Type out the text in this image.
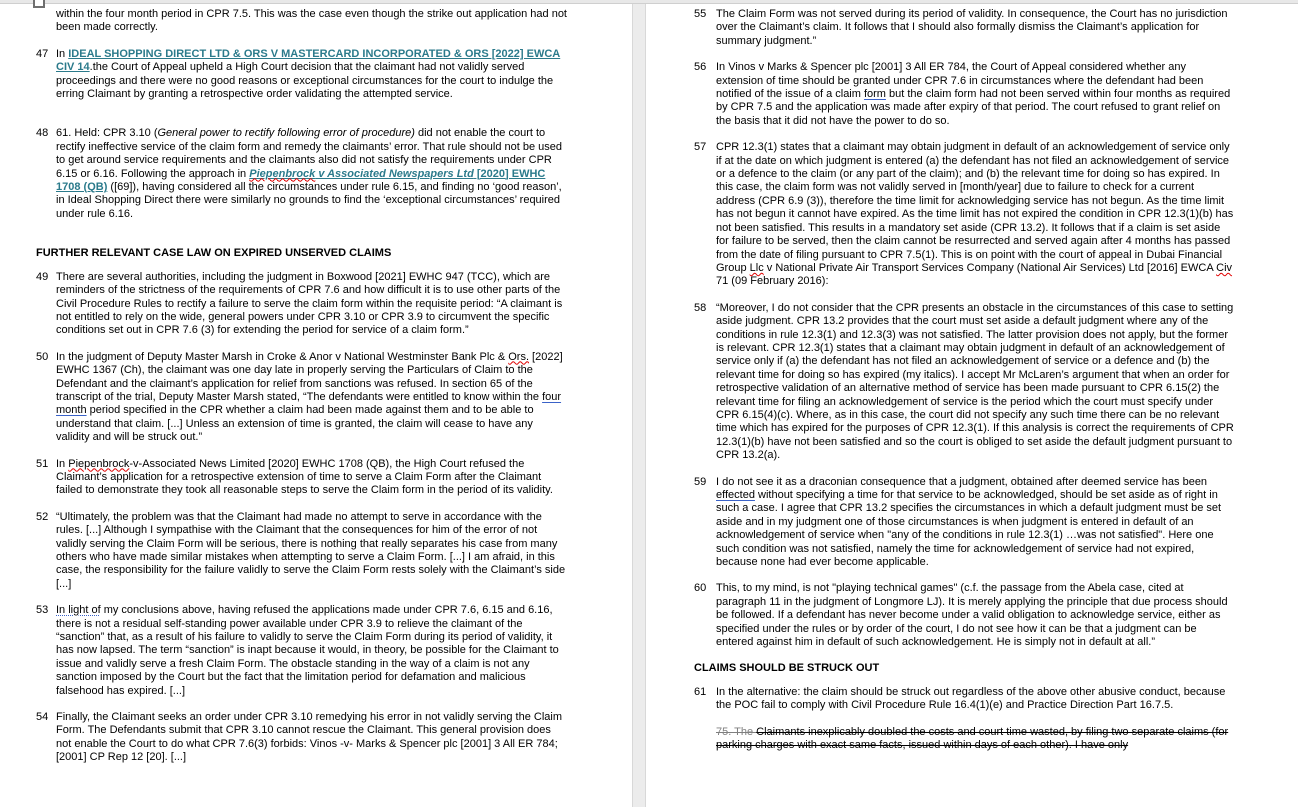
within the four month period in CPR 7.5. This was the case even though the strike out application had not been made correctly.
47 In IDEAL SHOPPING DIRECT LTD & ORS V MASTERCARD INCORPORATED & ORS [2022] EWCA CIV 14.the Court of Appeal upheld a High Court decision that the claimant had not validly served proceedings and there were no good reasons or exceptional circumstances for the court to indulge the erring Claimant by granting a retrospective order validating the attempted service.
48 61. Held: CPR 3.10 (General power to rectify following error of procedure) did not enable the court to rectify ineffective service of the claim form and remedy the claimants’ error. That rule should not be used to get around service requirements and the claimants also did not satisfy the requirements under CPR 6.15 or 6.16. Following the approach in Piepenbrock v Associated Newspapers Ltd [2020] EWHC 1708 (QB) ([69]), having considered all the circumstances under rule 6.15, and finding no ‘good reason’, in Ideal Shopping Direct there were similarly no grounds to find the ‘exceptional circumstances’ required under rule 6.16.
FURTHER RELEVANT CASE LAW ON EXPIRED UNSERVED CLAIMS
49 There are several authorities, including the judgment in Boxwood [2021] EWHC 947 (TCC), which are reminders of the strictness of the requirements of CPR 7.6 and how difficult it is to use other parts of the Civil Procedure Rules to rectify a failure to serve the claim form within the requisite period: “A claimant is not entitled to rely on the wide, general powers under CPR 3.10 or CPR 3.9 to circumvent the specific conditions set out in CPR 7.6 (3) for extending the period for service of a claim form.”
50 In the judgment of Deputy Master Marsh in Croke & Anor v National Westminster Bank Plc & Ors. [2022] EWHC 1367 (Ch), the claimant was one day late in properly serving the Particulars of Claim to the Defendant and the claimant’s application for relief from sanctions was refused. In section 65 of the transcript of the trial, Deputy Master Marsh stated, “The defendants were entitled to know within the four month period specified in the CPR whether a claim had been made against them and to be able to understand that claim. [...] Unless an extension of time is granted, the claim will cease to have any validity and will be struck out.”
51 In Piepenbrock-v-Associated News Limited [2020] EWHC 1708 (QB), the High Court refused the Claimant’s application for a retrospective extension of time to serve a Claim Form after the Claimant failed to demonstrate they took all reasonable steps to serve the Claim form in the period of its validity.
52 “Ultimately, the problem was that the Claimant had made no attempt to serve in accordance with the rules. [...] Although I sympathise with the Claimant that the consequences for him of the error of not validly serving the Claim Form will be serious, there is nothing that really separates his case from many others who have made similar mistakes when attempting to serve a Claim Form. [...] I am afraid, in this case, the responsibility for the failure validly to serve the Claim Form rests solely with the Claimant’s side [...]
53 In light of my conclusions above, having refused the applications made under CPR 7.6, 6.15 and 6.16, there is not a residual self-standing power available under CPR 3.9 to relieve the claimant of the “sanction” that, as a result of his failure to validly to serve the Claim Form during its period of validity, it has now lapsed. The term “sanction” is inapt because it would, in theory, be possible for the Claimant to issue and validly serve a fresh Claim Form. The obstacle standing in the way of a claim is not any sanction imposed by the Court but the fact that the limitation period for defamation and malicious falsehood has expired. [...]
54 Finally, the Claimant seeks an order under CPR 3.10 remedying his error in not validly serving the Claim Form. The Defendants submit that CPR 3.10 cannot rescue the Claimant. This general provision does not enable the Court to do what CPR 7.6(3) forbids: Vinos -v- Marks & Spencer plc [2001] 3 All ER 784; [2001] CP Rep 12 [20]. [...]
55 The Claim Form was not served during its period of validity. In consequence, the Court has no jurisdiction over the Claimant’s claim. It follows that I should also formally dismiss the Claimant’s application for summary judgment.”
56 In Vinos v Marks & Spencer plc [2001] 3 All ER 784, the Court of Appeal considered whether any extension of time should be granted under CPR 7.6 in circumstances where the defendant had been notified of the issue of a claim form but the claim form had not been served within four months as required by CPR 7.5 and the application was made after expiry of that period. The court refused to grant relief on the basis that it did not have the power to do so.
57 CPR 12.3(1) states that a claimant may obtain judgment in default of an acknowledgement of service only if at the date on which judgment is entered (a) the defendant has not filed an acknowledgement of service or a defence to the claim (or any part of the claim); and (b) the relevant time for doing so has expired. In this case, the claim form was not validly served in [month/year] due to failure to check for a current address (CPR 6.9 (3)), therefore the time limit for acknowledging service has not begun. As the time limit has not begun it cannot have expired. As the time limit has not expired the condition in CPR 12.3(1)(b) has not been satisfied. This results in a mandatory set aside (CPR 13.2). It follows that if a claim is set aside for failure to be served, then the claim cannot be resurrected and served again after 4 months has passed from the date of filing pursuant to CPR 7.5(1). This is on point with the court of appeal in Dubai Financial Group Llc v National Private Air Transport Services Company (National Air Services) Ltd [2016] EWCA Civ 71 (09 February 2016):
58 “Moreover, I do not consider that the CPR presents an obstacle in the circumstances of this case to setting aside judgment. CPR 13.2 provides that the court must set aside a default judgment where any of the conditions in rule 12.3(1) and 12.3(3) was not satisfied. The latter provision does not apply, but the former is relevant. CPR 12.3(1) states that a claimant may obtain judgment in default of an acknowledgement of service only if (a) the defendant has not filed an acknowledgement of service or a defence and (b) the relevant time for doing so has expired (my italics). I accept Mr McLaren’s argument that when an order for retrospective validation of an alternative method of service has been made pursuant to CPR 6.15(2) the relevant time for filing an acknowledgement of service is the period which the court must specify under CPR 6.15(4)(c). Where, as in this case, the court did not specify any such time there can be no relevant time which has expired for the purposes of CPR 12.3(1). If this analysis is correct the requirements of CPR 12.3(1)(b) have not been satisfied and so the court is obliged to set aside the default judgment pursuant to CPR 13.2(a).
59 I do not see it as a draconian consequence that a judgment, obtained after deemed service has been effected without specifying a time for that service to be acknowledged, should be set aside as of right in such a case. I agree that CPR 13.2 specifies the circumstances in which a default judgment must be set aside and in my judgment one of those circumstances is when judgment is entered in default of an acknowledgement of service when "any of the conditions in rule 12.3(1) …was not satisfied". Here one such condition was not satisfied, namely the time for acknowledgement of service had not expired, because none had ever become applicable.
60 This, to my mind, is not "playing technical games" (c.f. the passage from the Abela case, cited at paragraph 11 in the judgment of Longmore LJ). It is merely applying the principle that due process should be followed. If a defendant has never become under a valid obligation to acknowledge service, either as specified under the rules or by order of the court, I do not see how it can be that a judgment can be entered against him in default of such acknowledgement. He is simply not in default at all.”
CLAIMS SHOULD BE STRUCK OUT
61 In the alternative: the claim should be struck out regardless of the above other abusive conduct, because the POC fail to comply with Civil Procedure Rule 16.4(1)(e) and Practice Direction Part 16.7.5.
75. The Claimants inexplicably doubled the costs and court time wasted, by filing two separate claims (for parking charges with exact same facts, issued within days of each other). I have only
